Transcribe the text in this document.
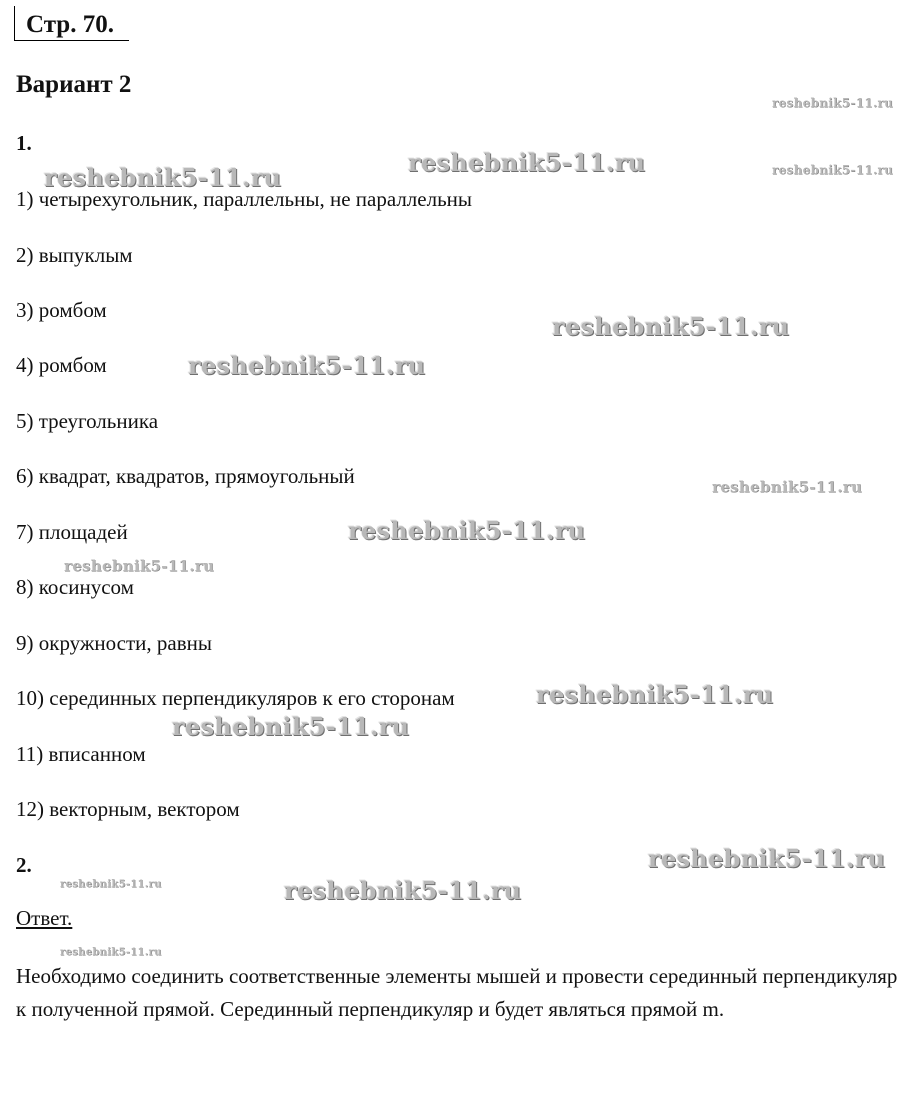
Стр. 70.
Вариант 2
1.
1) четырехугольник, параллельны, не параллельны
2) выпуклым
3) ромбом
4) ромбом
5) треугольника
6) квадрат, квадратов, прямоугольный
7) площадей
8) косинусом
9) окружности, равны
10) серединных перпендикуляров к его сторонам
11) вписанном
12) векторным, вектором
2.
Ответ.
Необходимо соединить соответственные элементы мышей и провести серединный перпендикуляр к полученной прямой. Серединный перпендикуляр и будет являться прямой m.
reshebnik5-11.ru
reshebnik5-11.ru	reshebnik5-11.ru
reshebnik5-11.ru
reshebnik5-11.ru
reshebnik5-11.ru
reshebnik5-11.ru
reshebnik5-11.ru
reshebnik5-11.ru
reshebnik5-11.ru
reshebnik5-11.ru
reshebnik5-11.ru
reshebnik5-11.ru	reshebnik5-11.ru
reshebnik5-11.ru
